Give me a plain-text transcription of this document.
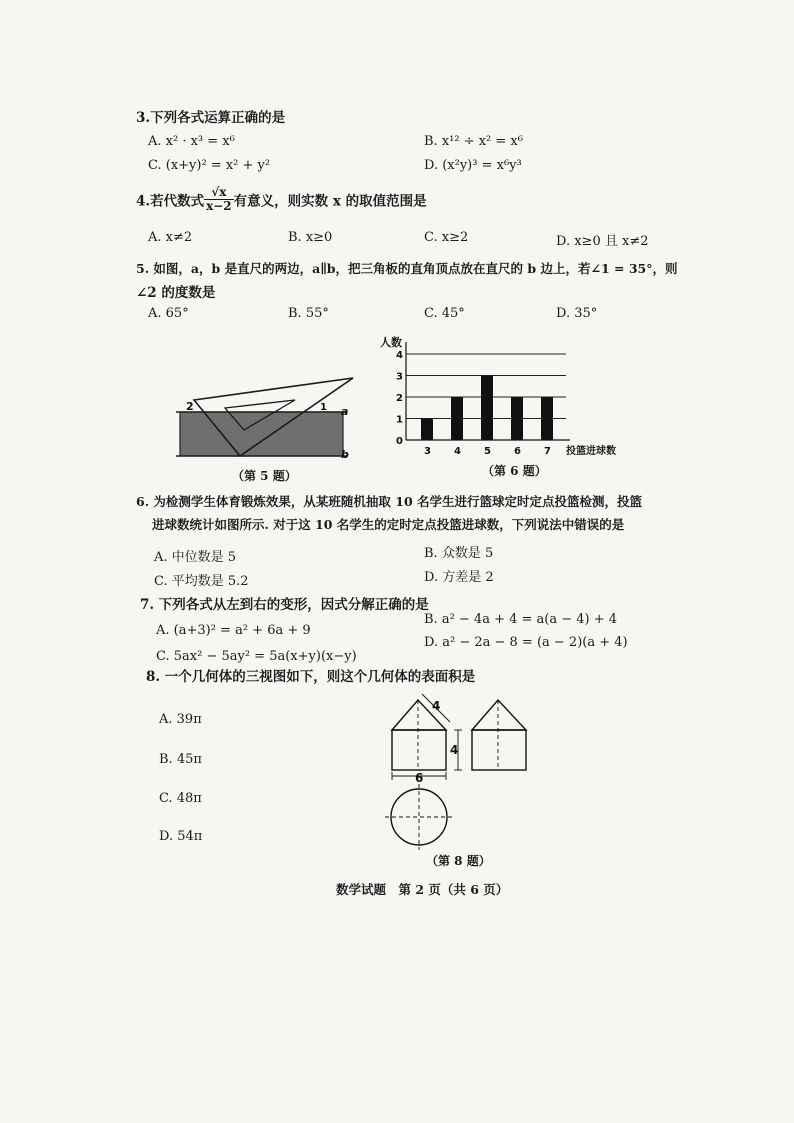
3.下列各式运算正确的是
A. x² · x³ = x⁶	B. x¹² ÷ x² = x⁶
C. (x+y)² = x² + y²	D. (x²y)³ = x⁶y³
4.若代数式 $\frac{√x}{x-2}$ 有意义，则实数 x 的取值范围是
A. x≠2	B. x≥0	C. x≥2	D. x≥0 且 x≠2
5. 如图，a，b 是直尺的两边，a∥b，把三角板的直角顶点放在直尺的 b 边上，若∠1 = 35°，则
∠2 的度数是
A. 65°	B. 55°	C. 45°	D. 35°
2	1 a
b
（第 5 题）
人数
投篮进球数
0
1
2
3
4
3 4 5 6 7
（第 6 题）
6. 为检测学生体育锻炼效果，从某班随机抽取 10 名学生进行篮球定时定点投篮检测，投篮
进球数统计如图所示. 对于这 10 名学生的定时定点投篮进球数，下列说法中错误的是
A. 中位数是 5	B. 众数是 5
C. 平均数是 5.2	D. 方差是 2
7. 下列各式从左到右的变形，因式分解正确的是
A. (a+3)² = a² + 6a + 9
B. a² − 4a + 4 = a(a − 4) + 4
C. 5ax² − 5ay² = 5a(x+y)(x−y)
D. a² − 2a − 8 = (a − 2)(a + 4)
8. 一个几何体的三视图如下，则这个几何体的表面积是
A. 39π
B. 45π
C. 48π
D. 54π
4
4
6
（第 8 题）
数学试题　第 2 页（共 6 页）
